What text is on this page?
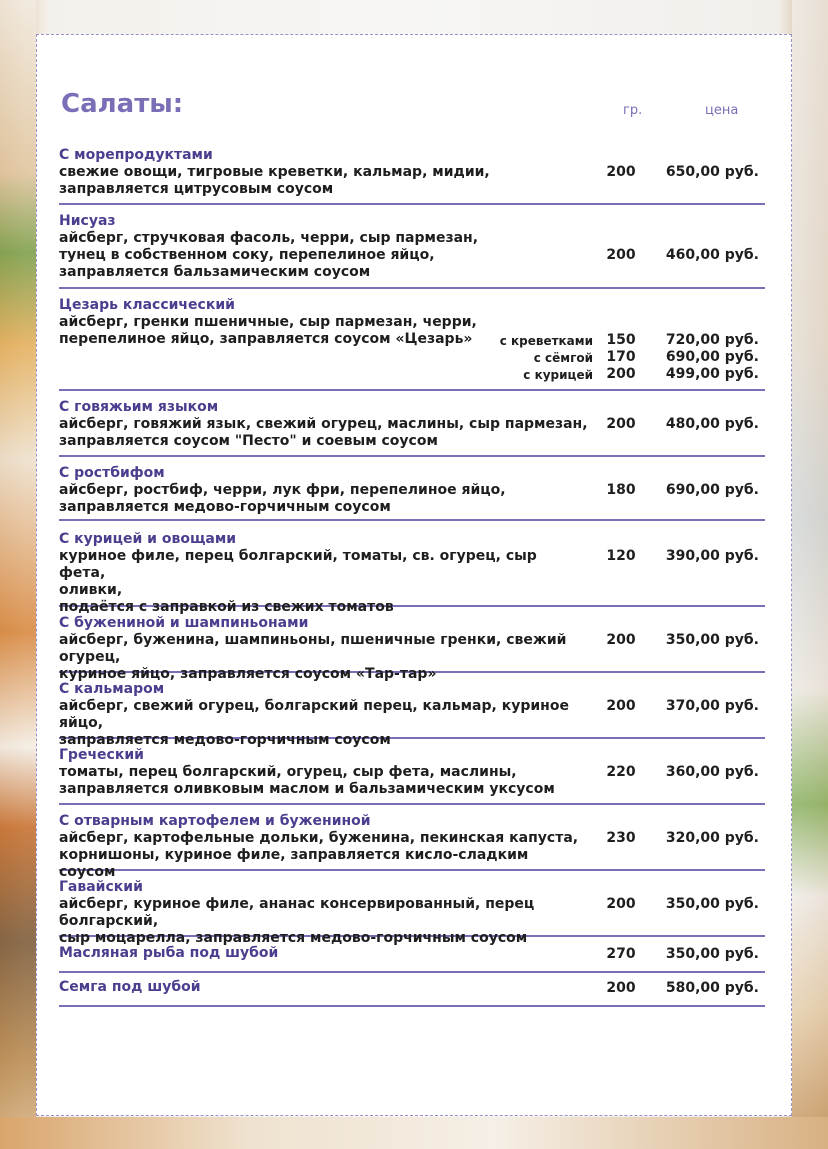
Салаты:	гр.	цена
С морепродуктами
свежие овощи, тигровые креветки, кальмар, мидии,
заправляется цитрусовым соусом
200	650,00 руб.
Нисуаз
айсберг, стручковая фасоль, черри, сыр пармезан,
тунец в собственном соку, перепелиное яйцо,
заправляется бальзамическим соусом
200	460,00 руб.
Цезарь классический
айсберг, гренки пшеничные, сыр пармезан, черри,
перепелиное яйцо, заправляется соусом «Цезарь»	с креветками 150	720,00 руб.
с сёмгой 170	690,00 руб.
с курицей 200	499,00 руб.
С говяжьим языком
айсберг, говяжий язык, свежий огурец, маслины, сыр пармезан,
заправляется соусом "Песто" и соевым соусом
200	480,00 руб.
С ростбифом
айсберг, ростбиф, черри, лук фри, перепелиное яйцо,
заправляется медово-горчичным соусом
180	690,00 руб.
С курицей и овощами
куриное филе, перец болгарский, томаты, св. огурец, сыр фета,
оливки,
подаётся с заправкой из свежих томатов
120	390,00 руб.
С бужениной и шампиньонами
айсберг, буженина, шампиньоны, пшеничные гренки, свежий огурец,
куриное яйцо, заправляется соусом «Тар-тар»
200	350,00 руб.
С кальмаром
айсберг, свежий огурец, болгарский перец, кальмар, куриное яйцо,
заправляется медово-горчичным соусом
200	370,00 руб.
Греческий
томаты, перец болгарский, огурец, сыр фета, маслины,
заправляется оливковым маслом и бальзамическим уксусом
220	360,00 руб.
С отварным картофелем и бужениной
айсберг, картофельные дольки, буженина, пекинская капуста,
корнишоны, куриное филе, заправляется кисло-сладким соусом
230	320,00 руб.
Гавайский
айсберг, куриное филе, ананас консервированный, перец болгарский,
сыр моцарелла, заправляется медово-горчичным соусом
200	350,00 руб.
Масляная рыба под шубой	270	350,00 руб.
Семга под шубой	200	580,00 руб.
